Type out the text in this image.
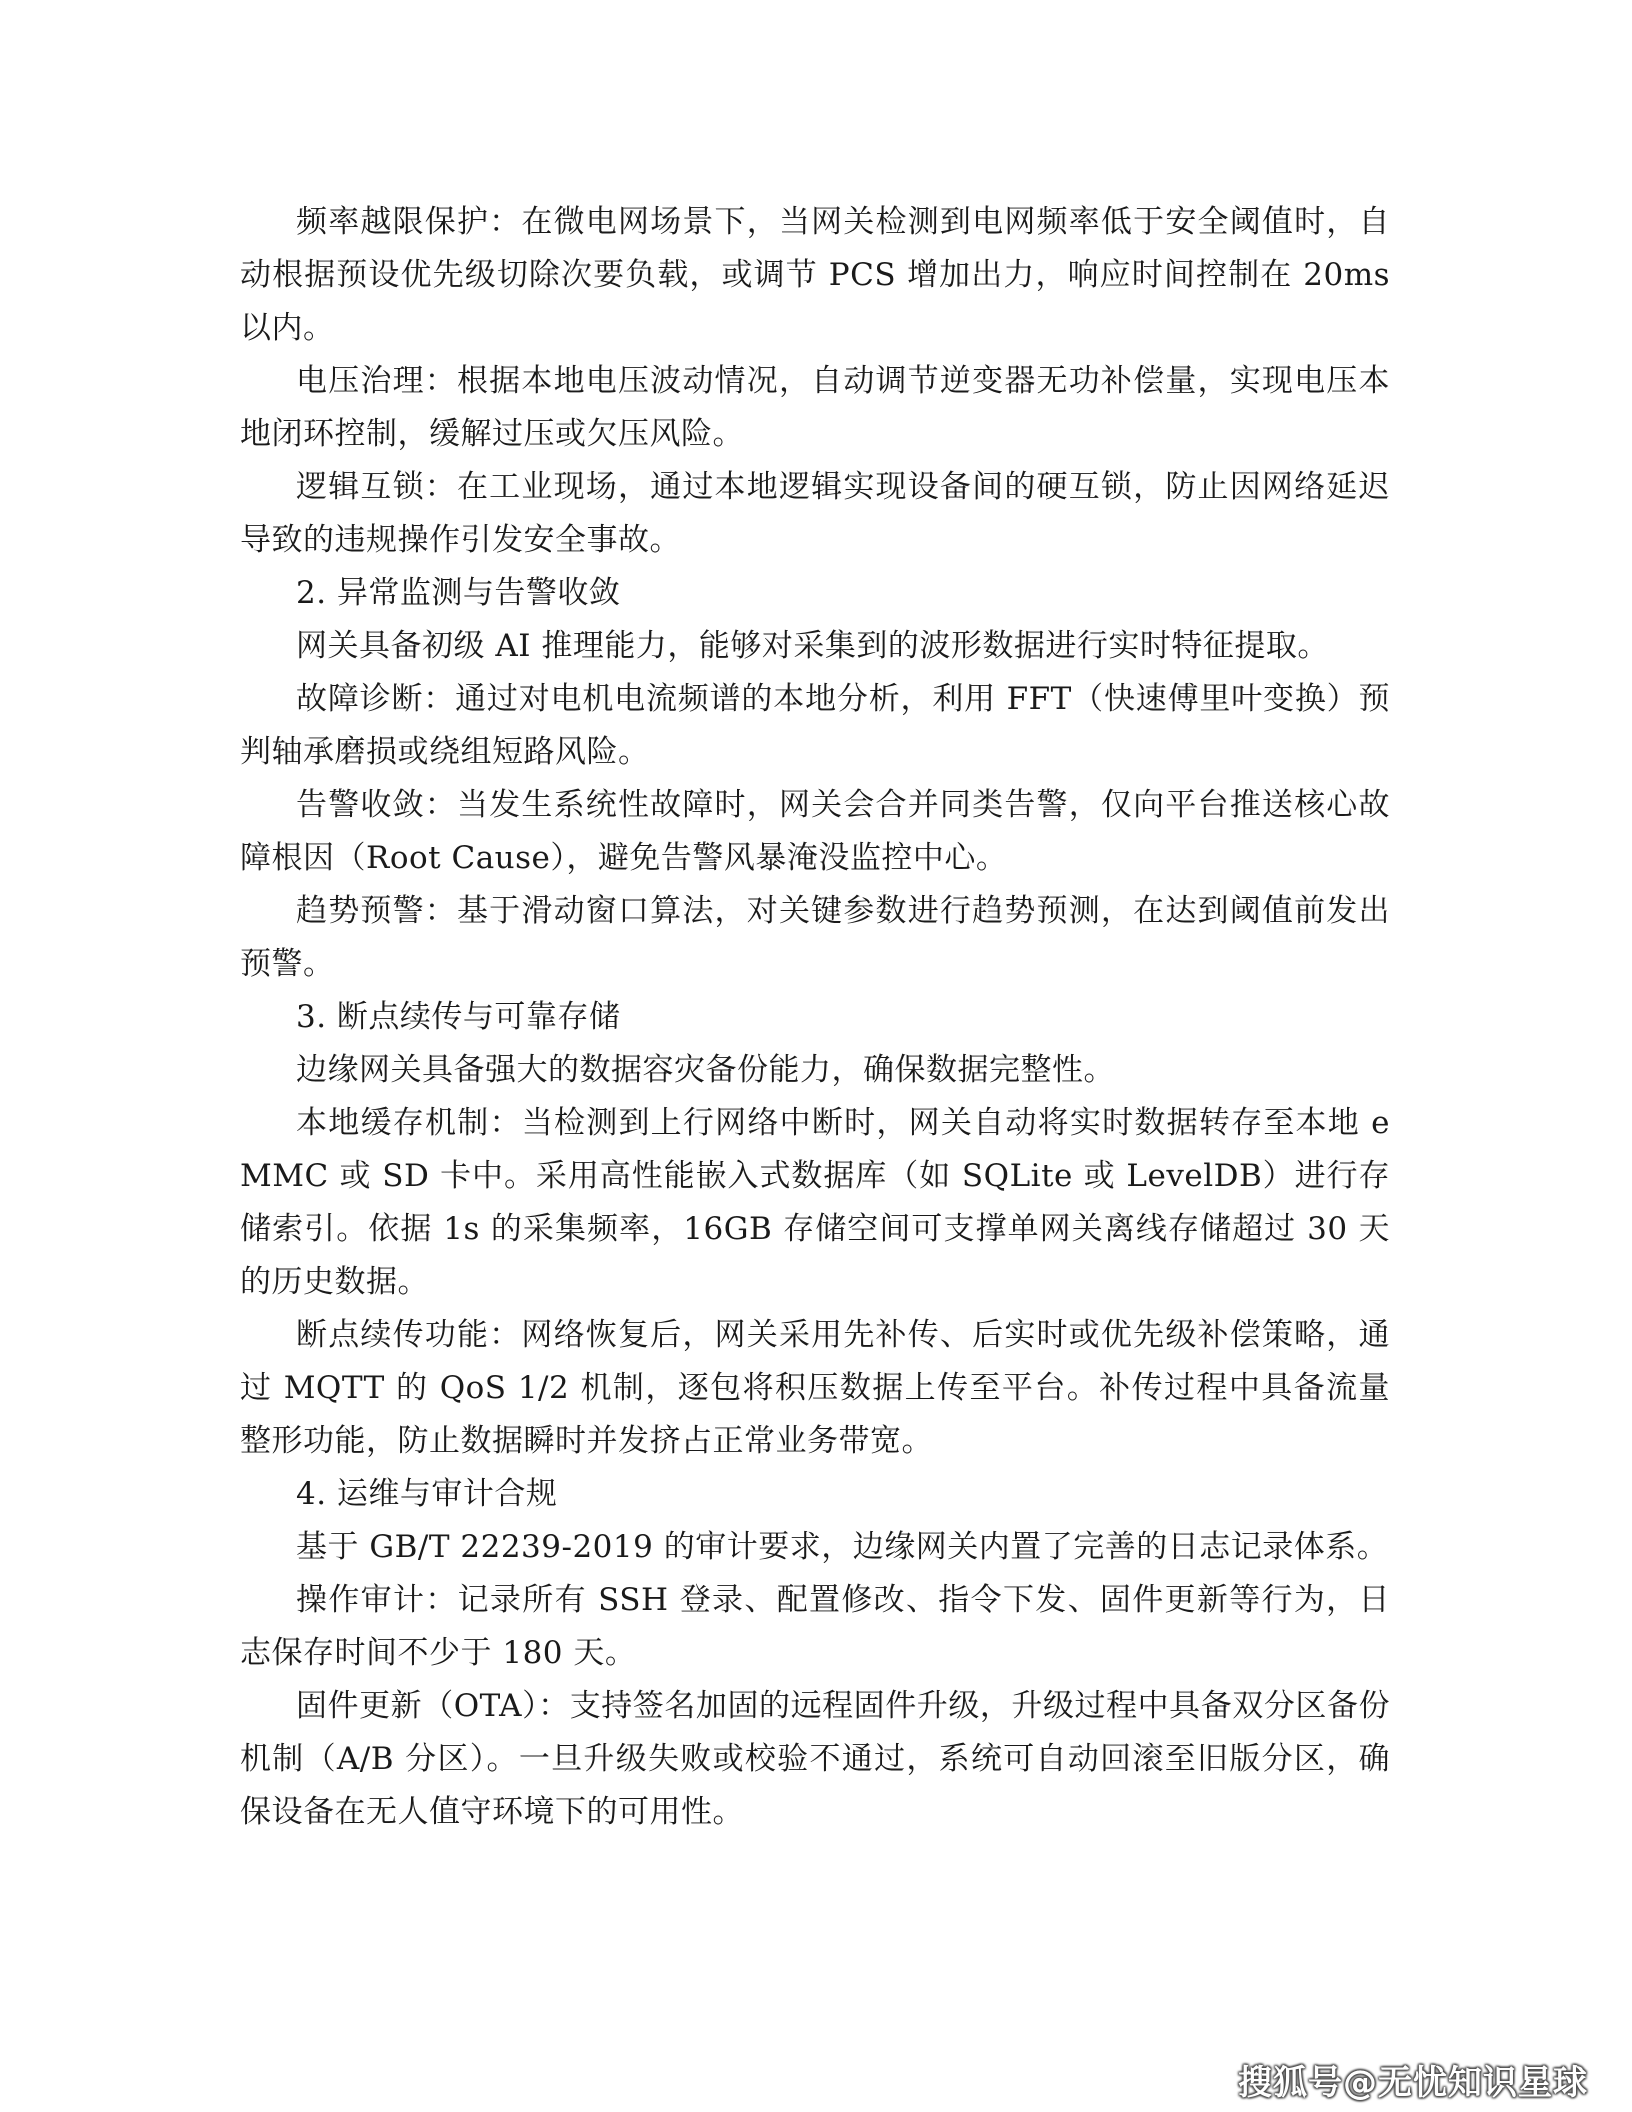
频率越限保护：在微电网场景下，当网关检测到电网频率低于安全阈值时，自动根据预设优先级切除次要负载，或调节 PCS 增加出力，响应时间控制在 20ms 以内。

电压治理：根据本地电压波动情况，自动调节逆变器无功补偿量，实现电压本地闭环控制，缓解过压或欠压风险。

逻辑互锁：在工业现场，通过本地逻辑实现设备间的硬互锁，防止因网络延迟导致的违规操作引发安全事故。

2. 异常监测与告警收敛

网关具备初级 AI 推理能力，能够对采集到的波形数据进行实时特征提取。

故障诊断：通过对电机电流频谱的本地分析，利用 FFT（快速傅里叶变换）预判轴承磨损或绕组短路风险。

告警收敛：当发生系统性故障时，网关会合并同类告警，仅向平台推送核心故障根因（Root Cause），避免告警风暴淹没监控中心。

趋势预警：基于滑动窗口算法，对关键参数进行趋势预测，在达到阈值前发出预警。

3. 断点续传与可靠存储

边缘网关具备强大的数据容灾备份能力，确保数据完整性。

本地缓存机制：当检测到上行网络中断时，网关自动将实时数据转存至本地 eMMC 或 SD 卡中。采用高性能嵌入式数据库（如 SQLite 或 LevelDB）进行存储索引。依据 1s 的采集频率，16GB 存储空间可支撑单网关离线存储超过 30 天的历史数据。

断点续传功能：网络恢复后，网关采用先补传、后实时或优先级补偿策略，通过 MQTT 的 QoS 1/2 机制，逐包将积压数据上传至平台。补传过程中具备流量整形功能，防止数据瞬时并发挤占正常业务带宽。

4. 运维与审计合规

基于 GB/T 22239-2019 的审计要求，边缘网关内置了完善的日志记录体系。

操作审计：记录所有 SSH 登录、配置修改、指令下发、固件更新等行为，日志保存时间不少于 180 天。

固件更新（OTA）：支持签名加固的远程固件升级，升级过程中具备双分区备份机制（A/B 分区）。一旦升级失败或校验不通过，系统可自动回滚至旧版分区，确保设备在无人值守环境下的可用性。

搜狐号@无忧知识星球
